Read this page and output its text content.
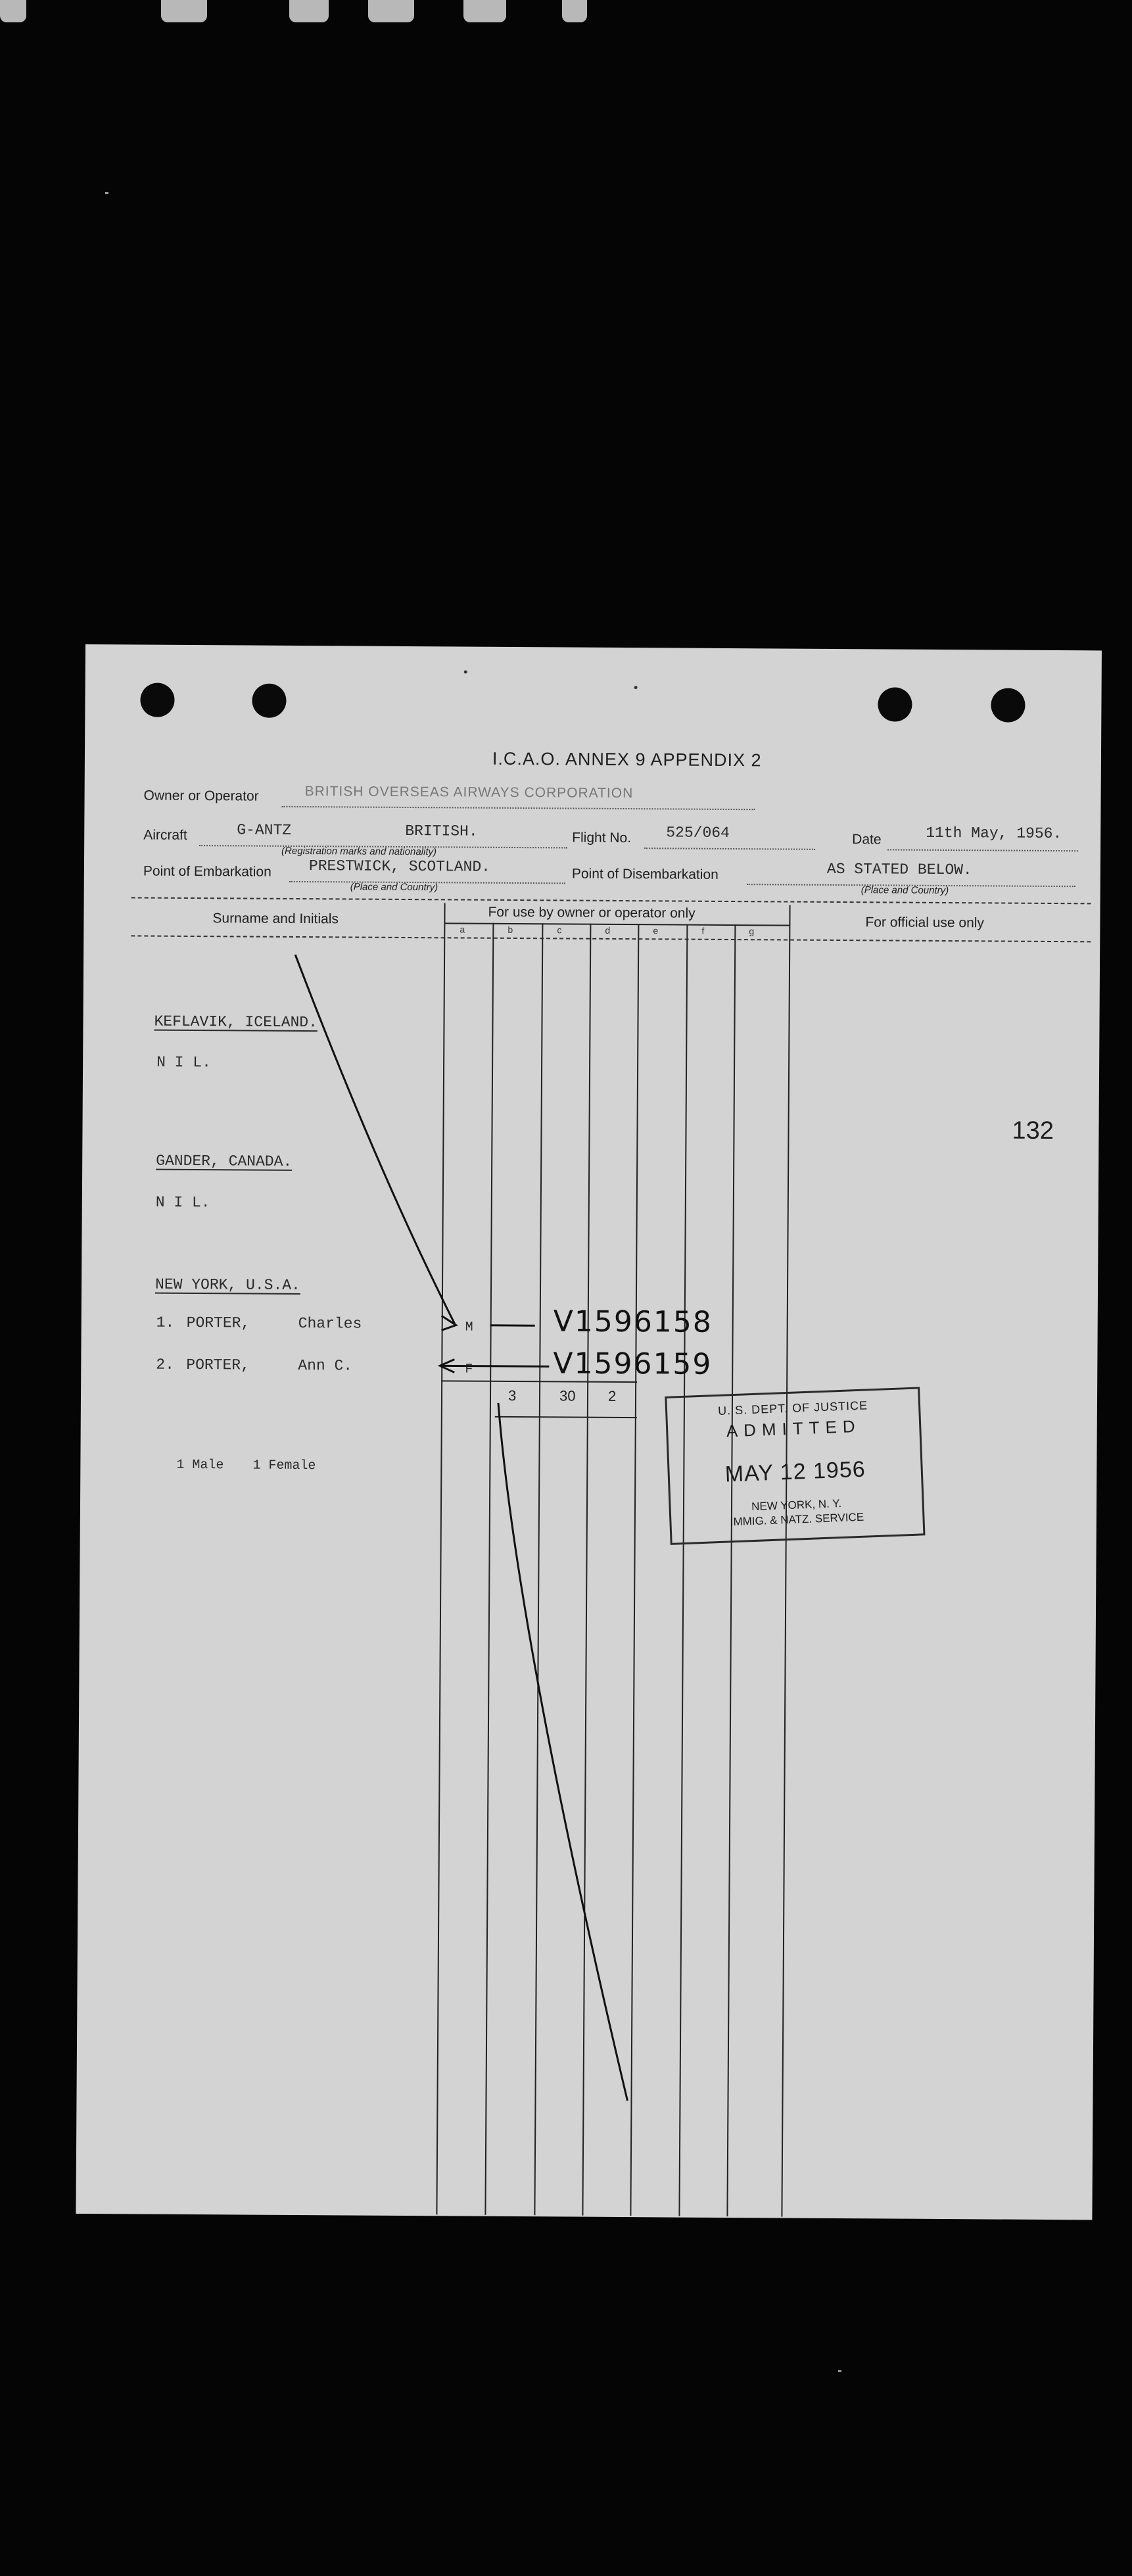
I.C.A.O. ANNEX 9 APPENDIX 2
Owner or Operator	BRITISH OVERSEAS AIRWAYS CORPORATION
Aircraft	G-ANTZ	BRITISH.
(Registration marks and nationality)
Flight No. 525/064	Date	11th May, 1956.
Point of Embarkation PRESTWICK, SCOTLAND.
(Place and Country)
Point of Disembarkation	AS STATED BELOW.
(Place and Country)
Surname and Initials	For use by owner or operator only
For official use only
a	b	c	d	e	f	g
132
KEFLAVIK, ICELAND.
N I L.
GANDER, CANADA.
N I L.
NEW YORK, U.S.A.
1. PORTER,	Charles	M	V1596158
2. PORTER,	Ann C.	F	V1596159
3	30 2
1 Male 1 Female
U. S. DEPT. OF JUSTICE
ADMITTED
MAY 12 1956
NEW YORK, N. Y.
IMMIG. & NATZ. SERVICE
